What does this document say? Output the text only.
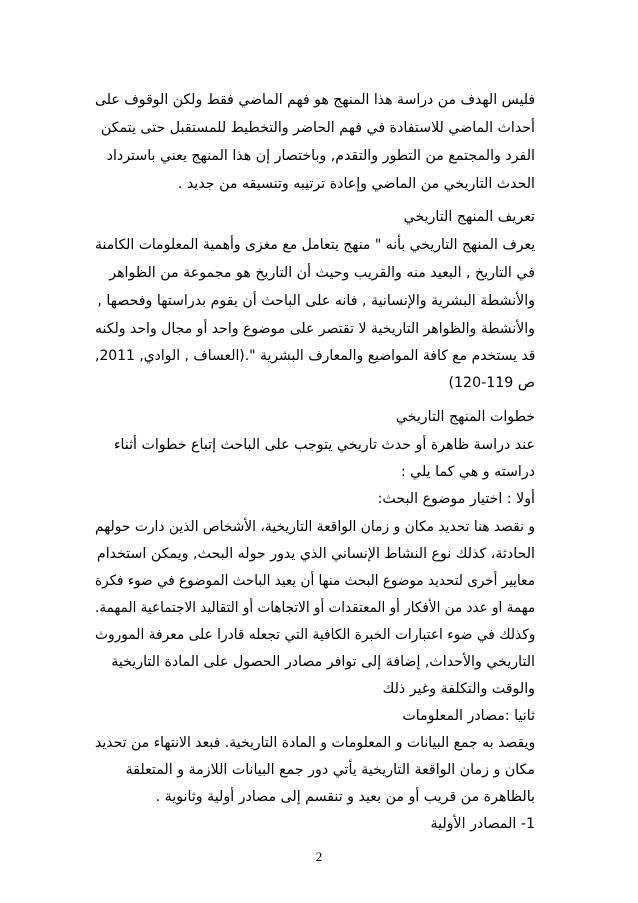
فليس الهدف من دراسة هذا المنهج هو فهم الماضي فقط ولكن الوقوف على
أحداث الماضي للاستفادة في فهم الحاضر والتخطيط للمستقبل حتى يتمكن
الفرد والمجتمع من التطور والتقدم, وباختصار إن هذا المنهج يعني باسترداد
الحدث التاريخي من الماضي وإعادة ترتيبه وتنسيقه من جديد .
تعريف المنهج التاريخي
يعرف المنهج التاريخي بأنه " منهج يتعامل مع مغزى وأهمية المعلومات الكامنة
في التاريخ , البعيد منه والقريب وحيث أن التاريخ هو مجموعة من الظواهر
والأنشطة البشرية والإنسانية , فانه على الباحث أن يقوم بدراستها وفحصها ,
والأنشطة والظواهر التاريخية لا تقتصر على موضوع واحد أو مجال واحد ولكنه
قد يستخدم مع كافة المواضيع والمعارف البشرية ".(العساف , الوادي, 2011,
ص 119-120)
خطوات المنهج التاريخي
عند دراسة ظاهرة أو حدث تاريخي يتوجب على الباحث إتباع خطوات أثناء
دراسته و هي كما يلي :
أولا : اختيار موضوع البحث:
و نقصد هنا تحديد مكان و زمان الواقعة التاريخية، الأشخاص الذين دارت حولهم
الحادثة، كذلك نوع النشاط الإنساني الذي يدور حوله البحث, ويمكن استخدام
معايير أخرى لتحديد موضوع البحث منها أن يعيد الباحث الموضوع في ضوء فكرة
مهمة او عدد من الأفكار أو المعتقدات أو الاتجاهات أو التقاليد الاجتماعية المهمة.
وكذلك في ضوء اعتبارات الخبرة الكافية التي تجعله قادرا على معرفة الموروث
التاريخي والأحداث, إضافة إلى توافر مصادر الحصول على المادة التاريخية
والوقت والتكلفة وغير ذلك
ثانيا :مصادر المعلومات
ويقصد به جمع البيانات و المعلومات و المادة التاريخية. فبعد الانتهاء من تحديد
مكان و زمان الواقعة التاريخية يأتي دور جمع البيانات اللازمة و المتعلقة
بالظاهرة من قريب أو من بعيد و تنقسم إلى مصادر أولية وثانوية .
1- المصادر الأولية
2
